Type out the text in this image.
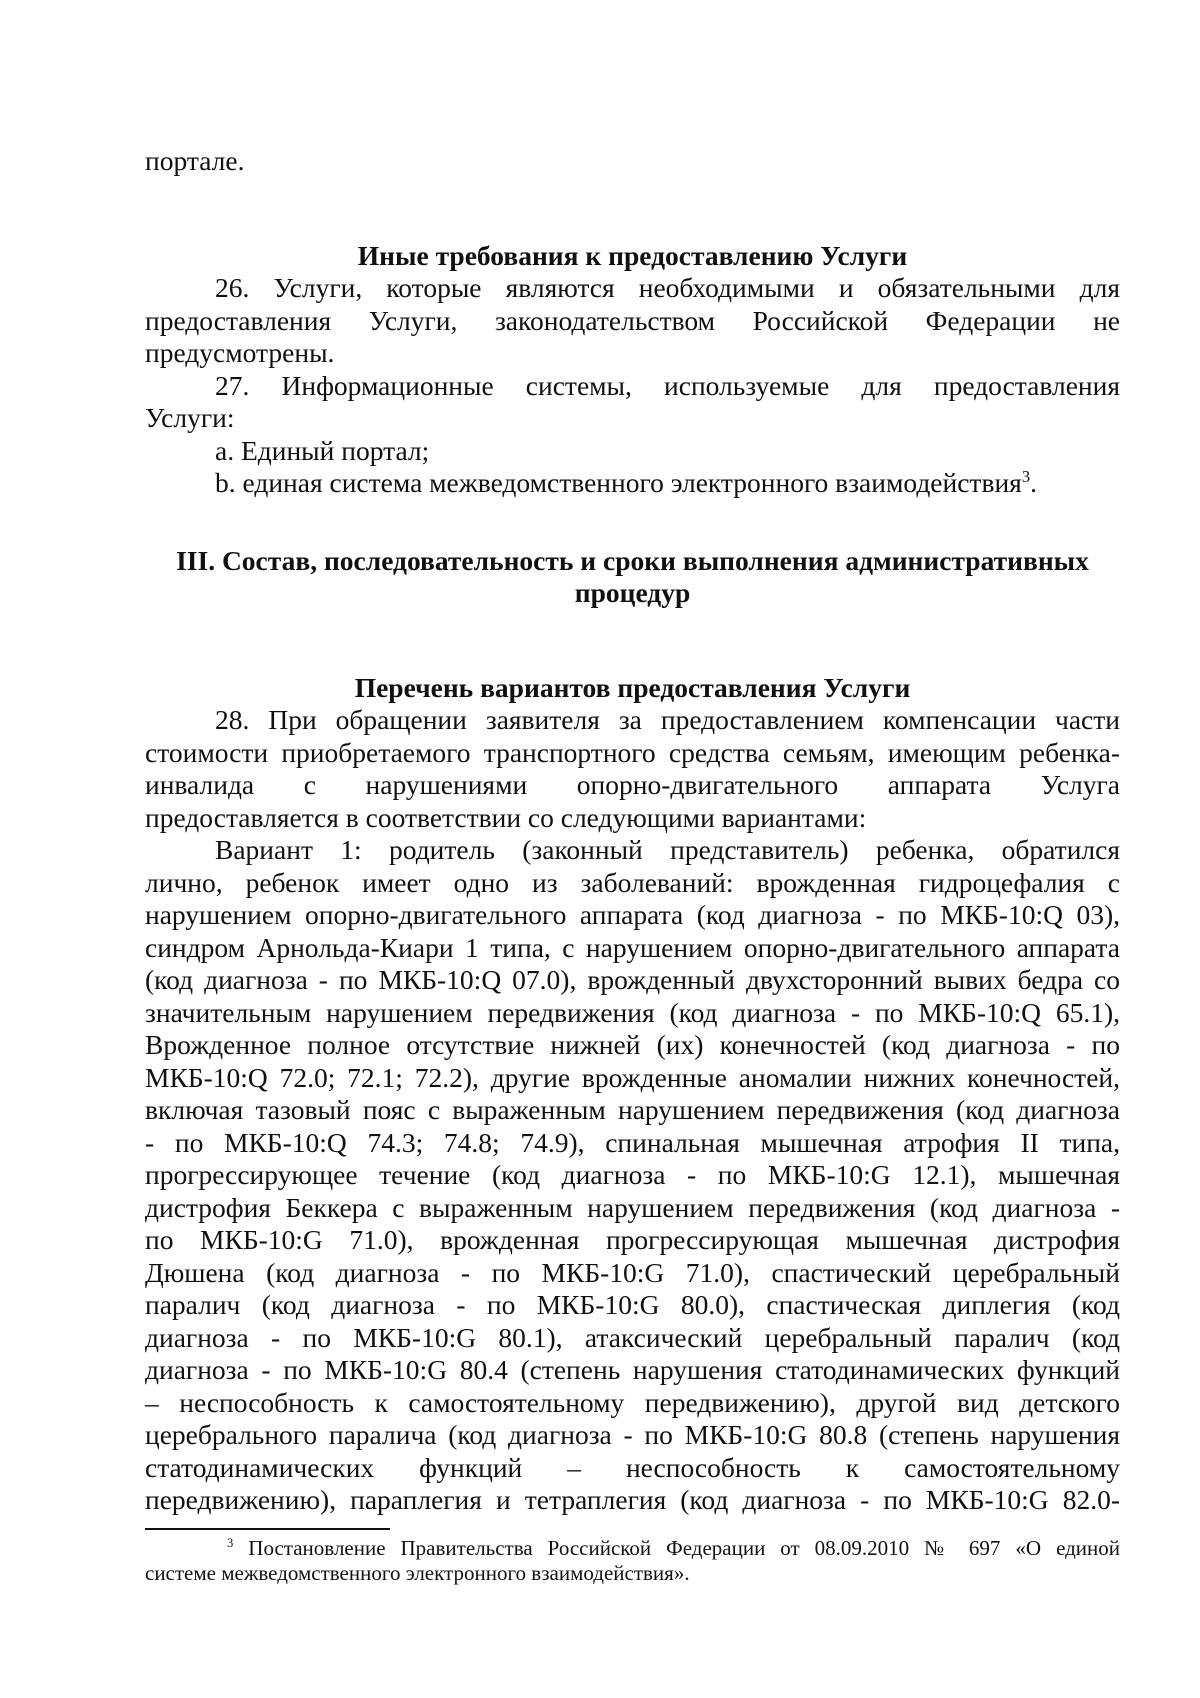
портале.

Иные требования к предоставлению Услуги

26. Услуги, которые являются необходимыми и обязательными для

предоставления Услуги, законодательством Российской Федерации не

предусмотрены.

27. Информационные системы, используемые для предоставления

Услуги:

a. Единый портал;

b. единая система межведомственного электронного взаимодействия$^3$.

III. Состав, последовательность и сроки выполнения административных

процедур

Перечень вариантов предоставления Услуги

28. При обращении заявителя за предоставлением компенсации части

стоимости приобретаемого транспортного средства семьям, имеющим ребенка-

инвалида с нарушениями опорно-двигательного аппарата Услуга

предоставляется в соответствии со следующими вариантами:

Вариант 1: родитель (законный представитель) ребенка, обратился

лично, ребенок имеет одно из заболеваний: врожденная гидроцефалия с

нарушением опорно-двигательного аппарата (код диагноза - по МКБ-10:Q 03),

синдром Арнольда-Киари 1 типа, с нарушением опорно-двигательного аппарата

(код диагноза - по МКБ-10:Q 07.0), врожденный двухсторонний вывих бедра со

значительным нарушением передвижения (код диагноза - по МКБ-10:Q 65.1),

Врожденное полное отсутствие нижней (их) конечностей (код диагноза - по

МКБ-10:Q 72.0; 72.1; 72.2), другие врожденные аномалии нижних конечностей,

включая тазовый пояс с выраженным нарушением передвижения (код диагноза

- по МКБ-10:Q 74.3; 74.8; 74.9), спинальная мышечная атрофия II типа,

прогрессирующее течение (код диагноза - по МКБ-10:G 12.1), мышечная

дистрофия Беккера с выраженным нарушением передвижения (код диагноза -

по МКБ-10:G 71.0), врожденная прогрессирующая мышечная дистрофия

Дюшена (код диагноза - по МКБ-10:G 71.0), спастический церебральный

паралич (код диагноза - по МКБ-10:G 80.0), спастическая диплегия (код

диагноза - по МКБ-10:G 80.1), атаксический церебральный паралич (код

диагноза - по МКБ-10:G 80.4 (степень нарушения статодинамических функций

– неспособность к самостоятельному передвижению), другой вид детского

церебрального паралича (код диагноза - по МКБ-10:G 80.8 (степень нарушения

статодинамических функций – неспособность к самостоятельному

передвижению), параплегия и тетраплегия (код диагноза - по МКБ-10:G 82.0-

$^3$ Постановление Правительства Российской Федерации от 08.09.2010 № 697 «О единой

системе межведомственного электронного взаимодействия».
